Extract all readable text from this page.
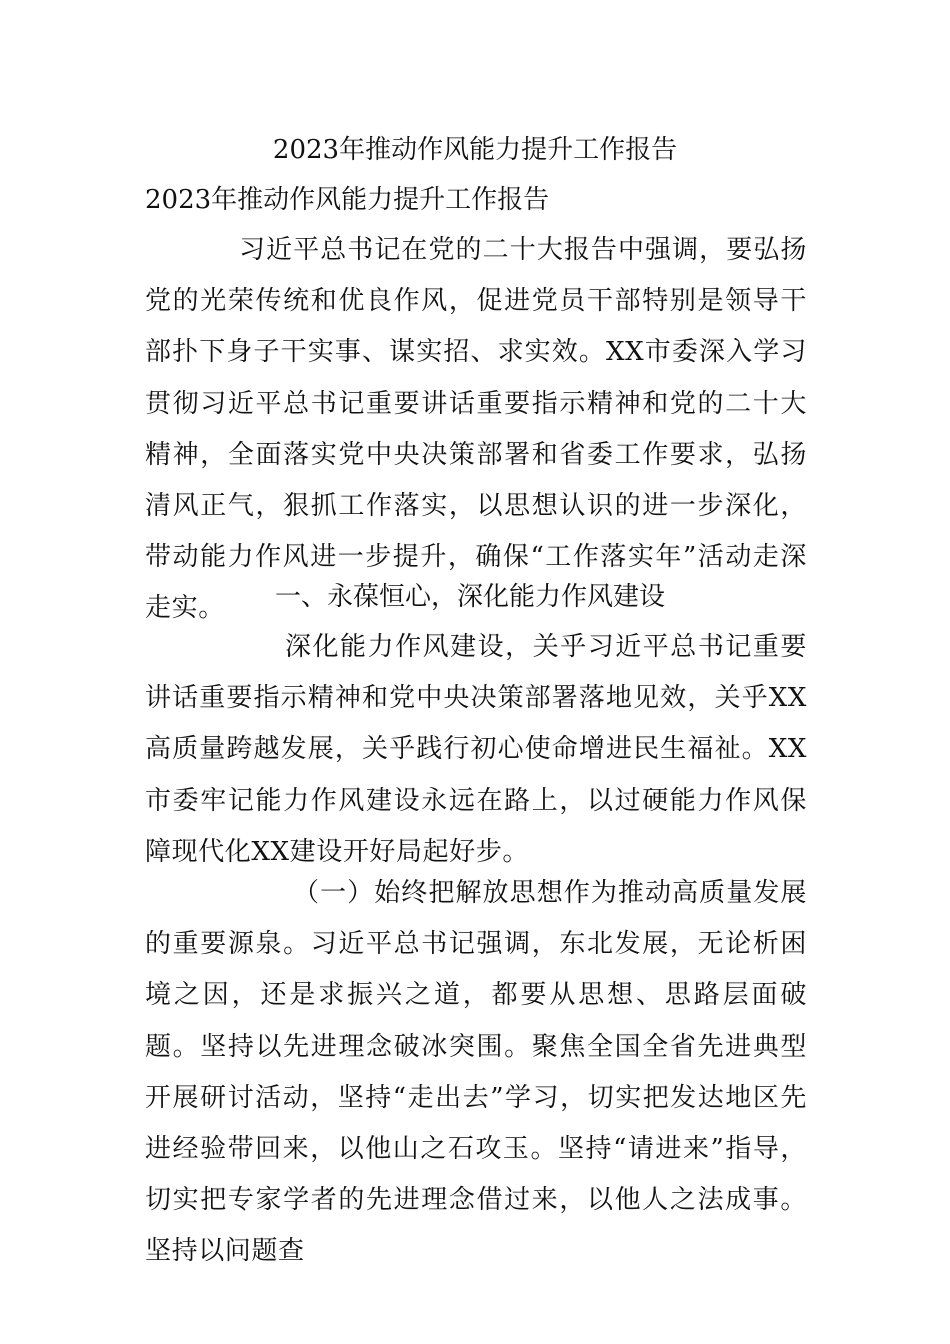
2023年推动作风能力提升工作报告
2023年推动作风能力提升工作报告

习近平总书记在党的二十大报告中强调，要弘扬党的光荣传统和优良作风，促进党员干部特别是领导干部扑下身子干实事、谋实招、求实效。XX市委深入学习贯彻习近平总书记重要讲话重要指示精神和党的二十大精神，全面落实党中央决策部署和省委工作要求，弘扬清风正气，狠抓工作落实，以思想认识的进一步深化，带动能力作风进一步提升，确保“工作落实年”活动走深走实。	一、永葆恒心，深化能力作风建设

深化能力作风建设，关乎习近平总书记重要讲话重要指示精神和党中央决策部署落地见效，关乎XX高质量跨越发展，关乎践行初心使命增进民生福祉。XX市委牢记能力作风建设永远在路上，以过硬能力作风保障现代化XX建设开好局起好步。

（一）始终把解放思想作为推动高质量发展的重要源泉。习近平总书记强调，东北发展，无论析困境之因，还是求振兴之道，都要从思想、思路层面破题。坚持以先进理念破冰突围。聚焦全国全省先进典型开展研讨活动，坚持“走出去”学习，切实把发达地区先进经验带回来，以他山之石攻玉。坚持“请进来”指导，切实把专家学者的先进理念借过来，以他人之法成事。坚持以问题查
